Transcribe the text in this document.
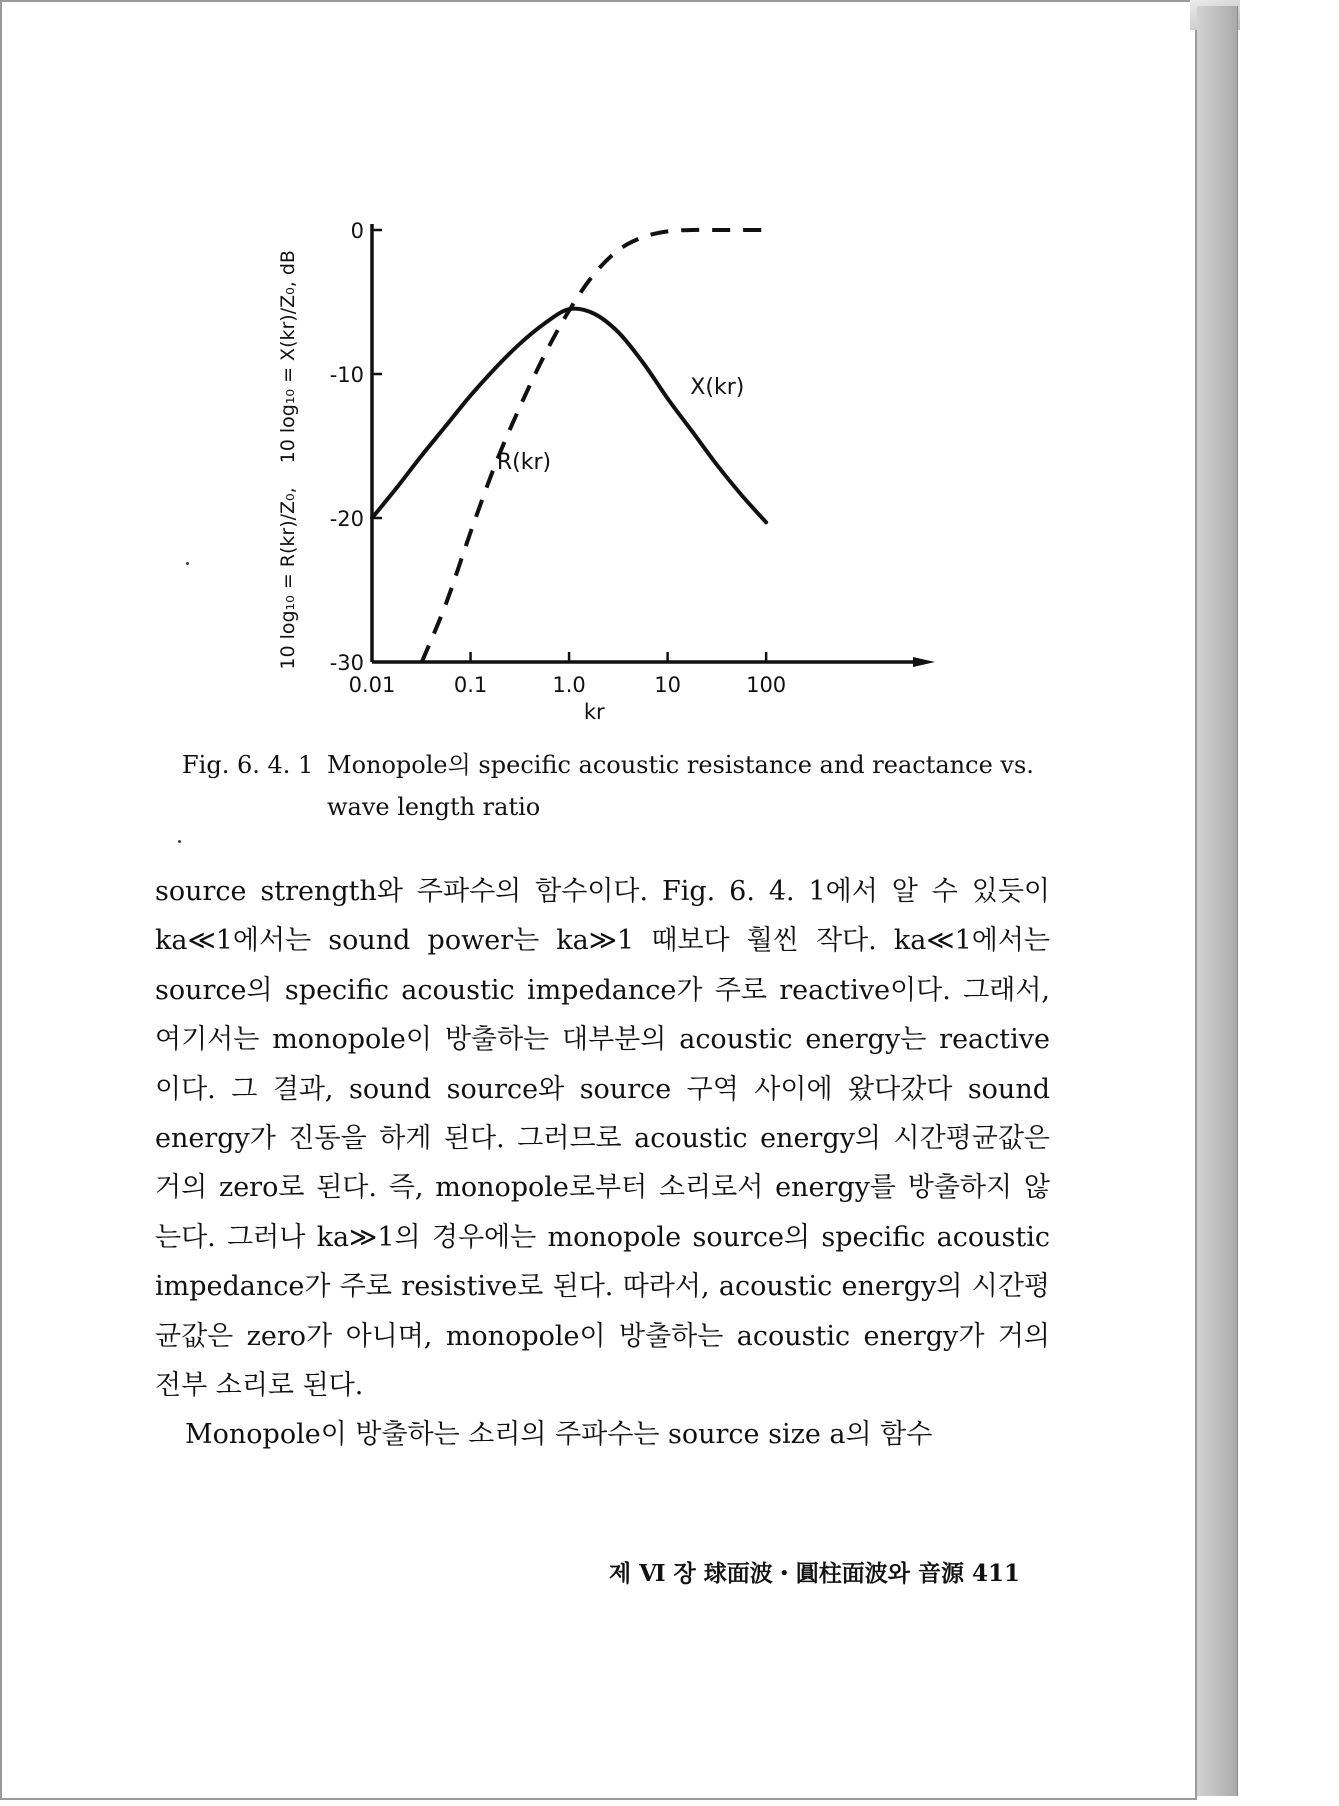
0
-10
-20
-30
0.01	0.1	1.0	10	100
kr
X(kr)
R(kr)
10 log₁₀ = X(kr)/Z₀, dB
10 log₁₀ = R(kr)/Z₀,
Fig. 6. 4. 1 Monopole의 specific acoustic resistance and reactance vs. wave length ratio

source strength와 주파수의 함수이다. Fig. 6. 4. 1에서 알 수 있듯이 ka≪1에서는 sound power는 ka≫1 때보다 훨씬 작다. ka≪1에서는 source의 specific acoustic impedance가 주로 reactive이다. 그래서, 여기서는 monopole이 방출하는 대부분의 acoustic energy는 reactive이다. 그 결과, sound source와 source 구역 사이에 왔다갔다 sound energy가 진동을 하게 된다. 그러므로 acoustic energy의 시간평균값은 거의 zero로 된다. 즉, monopole로부터 소리로서 energy를 방출하지 않는다. 그러나 ka≫1의 경우에는 monopole source의 specific acoustic impedance가 주로 resistive로 된다. 따라서, acoustic energy의 시간평균값은 zero가 아니며, monopole이 방출하는 acoustic energy가 거의 전부 소리로 된다.

Monopole이 방출하는 소리의 주파수는 source size a의 함수

제 Ⅵ 장 球面波・圓柱面波와 音源 411
